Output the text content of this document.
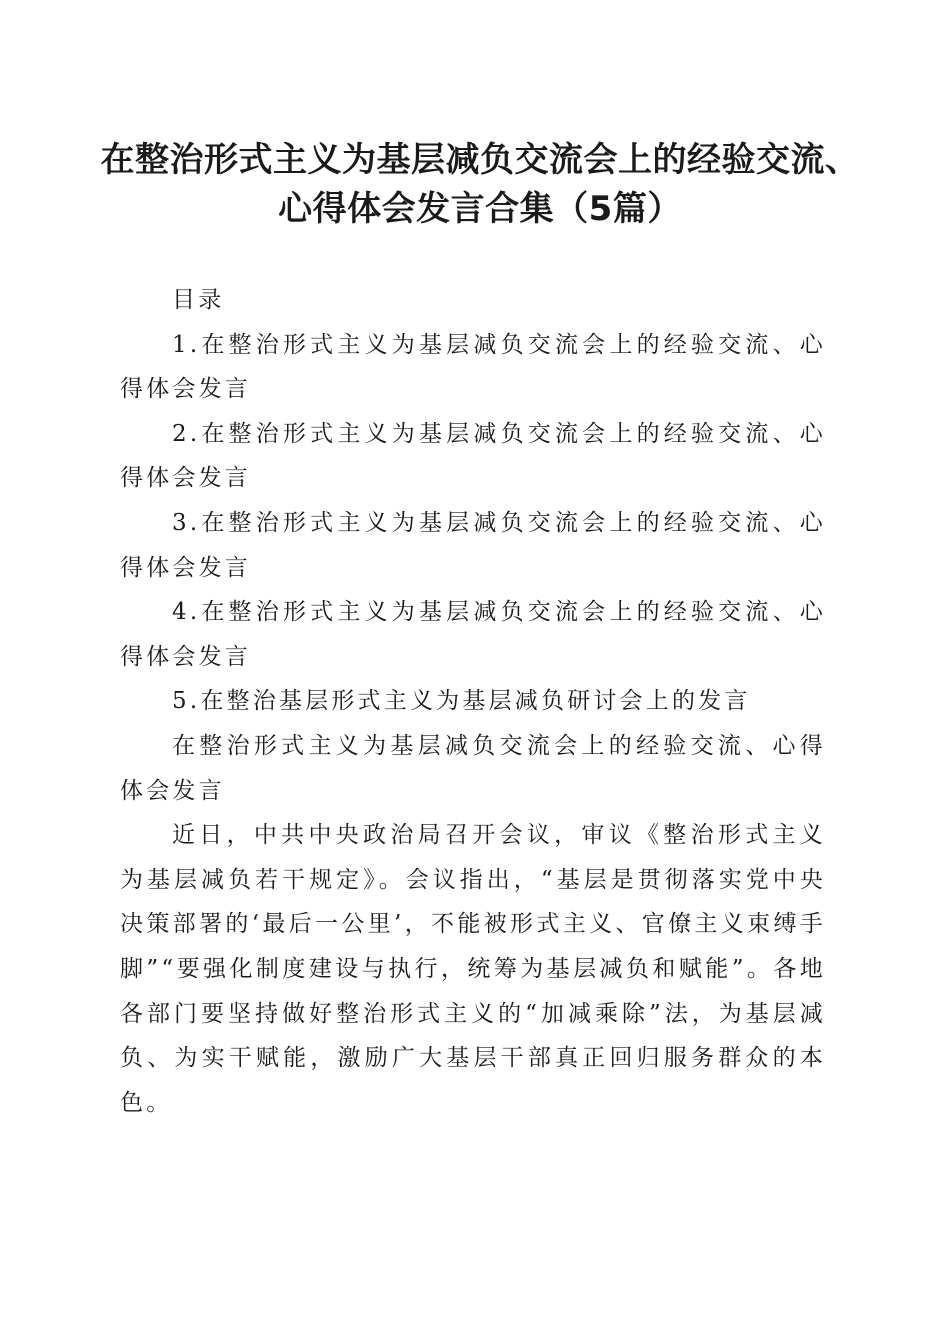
在整治形式主义为基层减负交流会上的经验交流、心得体会发言合集（5篇）

目录

1.在整治形式主义为基层减负交流会上的经验交流、心得体会发言

2.在整治形式主义为基层减负交流会上的经验交流、心得体会发言

3.在整治形式主义为基层减负交流会上的经验交流、心得体会发言

4.在整治形式主义为基层减负交流会上的经验交流、心得体会发言

5.在整治基层形式主义为基层减负研讨会上的发言

在整治形式主义为基层减负交流会上的经验交流、心得体会发言

近日，中共中央政治局召开会议，审议《整治形式主义为基层减负若干规定》。会议指出，“基层是贯彻落实党中央决策部署的‘最后一公里’，不能被形式主义、官僚主义束缚手脚”“要强化制度建设与执行，统筹为基层减负和赋能”。各地各部门要坚持做好整治形式主义的“加减乘除”法，为基层减负、为实干赋能，激励广大基层干部真正回归服务群众的本色。
